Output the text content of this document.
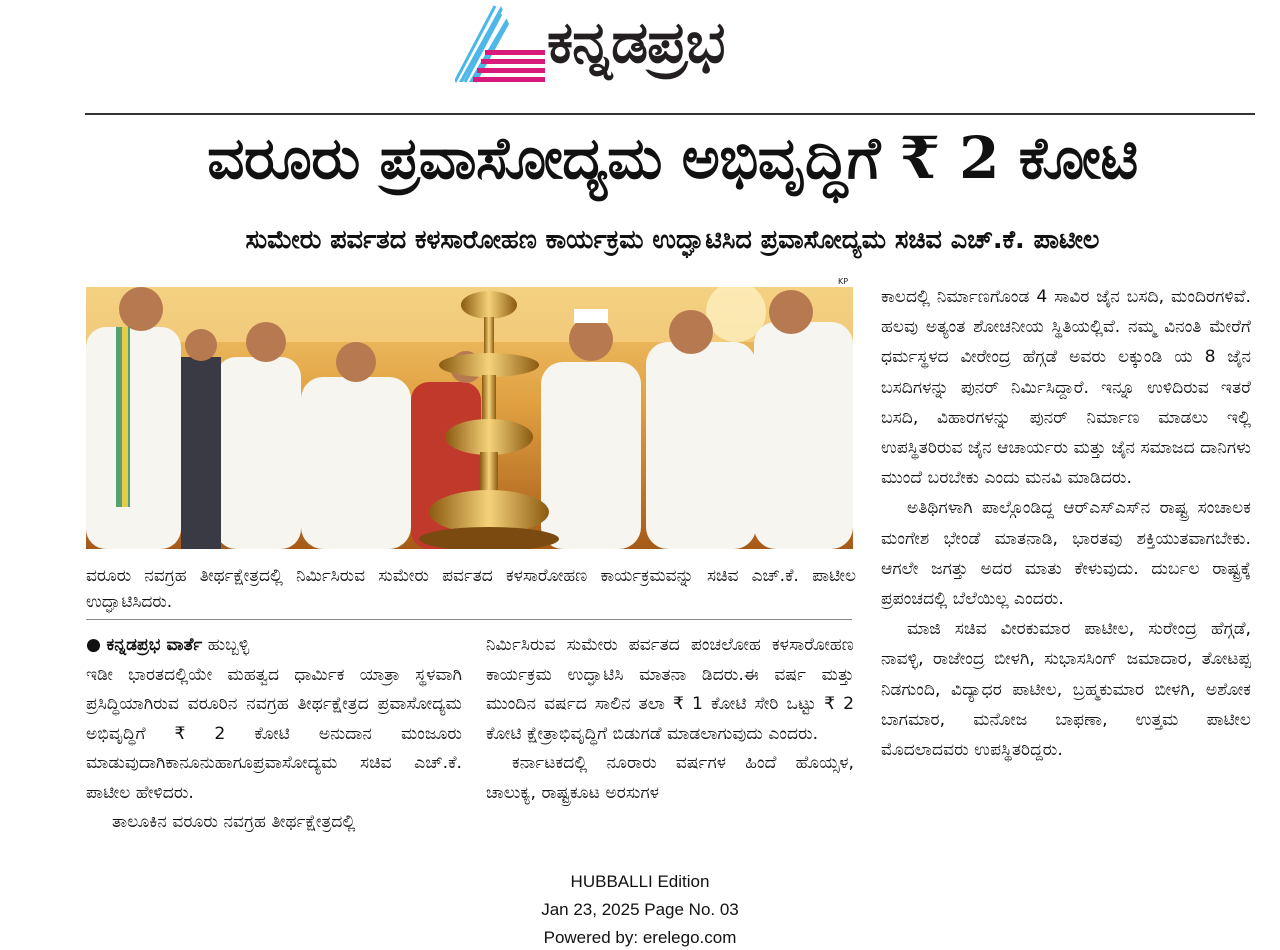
ಕನ್ನಡಪ್ರಭ
ವರೂರು ಪ್ರವಾಸೋದ್ಯಮ ಅಭಿವೃದ್ಧಿಗೆ ₹ 2 ಕೋಟಿ
ಸುಮೇರು ಪರ್ವತದ ಕಳಸಾರೋಹಣ ಕಾರ್ಯಕ್ರಮ ಉದ್ಘಾಟಿಸಿದ ಪ್ರವಾಸೋದ್ಯಮ ಸಚಿವ ಎಚ್.ಕೆ. ಪಾಟೀಲ
KP
ವರೂರು ನವಗ್ರಹ ತೀರ್ಥಕ್ಷೇತ್ರದಲ್ಲಿ ನಿರ್ಮಿಸಿರುವ ಸುಮೇರು ಪರ್ವತದ ಕಳಸಾರೋಹಣ ಕಾರ್ಯಕ್ರಮವನ್ನು ಸಚಿವ ಎಚ್.ಕೆ. ಪಾಟೀಲ ಉದ್ಘಾಟಿಸಿದರು.

● ಕನ್ನಡಪ್ರಭ ವಾರ್ತೆ ಹುಬ್ಬಳ್ಳಿ

ಇಡೀ ಭಾರತದಲ್ಲಿಯೇ ಮಹತ್ವದ ಧಾರ್ಮಿಕ ಯಾತ್ರಾ ಸ್ಥಳವಾಗಿ ಪ್ರಸಿದ್ಧಿಯಾಗಿರುವ ವರೂರಿನ ನವಗ್ರಹ ತೀರ್ಥಕ್ಷೇತ್ರದ ಪ್ರವಾಸೋದ್ಯಮ ಅಭಿವೃದ್ಧಿಗೆ ₹ 2 ಕೋಟಿ ಅನುದಾನ ಮಂಜೂರು ಮಾಡುವುದಾಗಿಕಾನೂನುಹಾಗೂಪ್ರವಾಸೋದ್ಯಮ ಸಚಿವ ಎಚ್.ಕೆ. ಪಾಟೀಲ ಹೇಳಿದರು.

ತಾಲೂಕಿನ ವರೂರು ನವಗ್ರಹ ತೀರ್ಥಕ್ಷೇತ್ರದಲ್ಲಿ

ನಿರ್ಮಿಸಿರುವ ಸುಮೇರು ಪರ್ವತದ ಪಂಚಲೋಹ ಕಳಸಾರೋಹಣ ಕಾರ್ಯಕ್ರಮ ಉದ್ಘಾಟಿಸಿ ಮಾತನಾ ಡಿದರು.ಈ ವರ್ಷ ಮತ್ತು ಮುಂದಿನ ವರ್ಷದ ಸಾಲಿನ ತಲಾ ₹ 1 ಕೋಟಿ ಸೇರಿ ಒಟ್ಟು ₹ 2 ಕೋಟಿ ಕ್ಷೇತ್ರಾಭಿವೃದ್ಧಿಗೆ ಬಿಡುಗಡೆ ಮಾಡಲಾಗುವುದು ಎಂದರು.

ಕರ್ನಾಟಕದಲ್ಲಿ ನೂರಾರು ವರ್ಷಗಳ ಹಿಂದೆ ಹೊಯ್ಸಳ, ಚಾಲುಕ್ಯ, ರಾಷ್ಟ್ರಕೂಟ ಅರಸುಗಳ

ಕಾಲದಲ್ಲಿ ನಿರ್ಮಾಣಗೊಂಡ 4 ಸಾವಿರ ಜೈನ ಬಸದಿ, ಮಂದಿರಗಳಿವೆ. ಹಲವು ಅತ್ಯಂತ ಶೋಚನೀಯ ಸ್ಥಿತಿಯಲ್ಲಿವೆ. ನಮ್ಮ ವಿನಂತಿ ಮೇರೆಗೆ ಧರ್ಮಸ್ಥಳದ ವೀರೇಂದ್ರ ಹೆಗ್ಗಡೆ ಅವರು ಲಕ್ಕುಂಡಿ ಯ 8 ಜೈನ ಬಸದಿಗಳನ್ನು ಪುನರ್ ನಿರ್ಮಿಸಿದ್ದಾರೆ. ಇನ್ನೂ ಉಳಿದಿರುವ ಇತರೆ ಬಸದಿ, ವಿಹಾರಗಳನ್ನು ಪುನರ್ ನಿರ್ಮಾಣ ಮಾಡಲು ಇಲ್ಲಿ ಉಪಸ್ಥಿತರಿರುವ ಜೈನ ಆಚಾರ್ಯರು ಮತ್ತು ಜೈನ ಸಮಾಜದ ದಾನಿಗಳು ಮುಂದೆ ಬರಬೇಕು ಎಂದು ಮನವಿ ಮಾಡಿದರು.

ಅತಿಥಿಗಳಾಗಿ ಪಾಲ್ಗೊಂಡಿದ್ದ ಆರ್‌ಎಸ್‌ಎಸ್‌ನ ರಾಷ್ಟ್ರ ಸಂಚಾಲಕ ಮಂಗೇಶ ಭೇಂಡೆ ಮಾತನಾಡಿ, ಭಾರತವು ಶಕ್ತಿಯುತವಾಗಬೇಕು. ಆಗಲೇ ಜಗತ್ತು ಅದರ ಮಾತು ಕೇಳುವುದು. ದುರ್ಬಲ ರಾಷ್ಟ್ರಕ್ಕೆ ಪ್ರಪಂಚದಲ್ಲಿ ಬೆಲೆಯಿಲ್ಲ ಎಂದರು.

ಮಾಜಿ ಸಚಿವ ವೀರಕುಮಾರ ಪಾಟೀಲ, ಸುರೇಂದ್ರ ಹೆಗ್ಗಡೆ, ನಾವಳ್ಳಿ, ರಾಜೇಂದ್ರ ಬೀಳಗಿ, ಸುಭಾಸಸಿಂಗ್ ಜಮಾದಾರ, ತೋಟಪ್ಪ ನಿಡಗುಂದಿ, ವಿದ್ಯಾಧರ ಪಾಟೀಲ, ಬ್ರಹ್ಮಕುಮಾರ ಬೀಳಗಿ, ಅಶೋಕ ಬಾಗಮಾರ, ಮನೋಜ ಬಾಫಣಾ, ಉತ್ತಮ ಪಾಟೀಲ ಮೊದಲಾದವರು ಉಪಸ್ಥಿತರಿದ್ದರು.

HUBBALLI Edition
Jan 23, 2025 Page No. 03
Powered by: erelego.com
